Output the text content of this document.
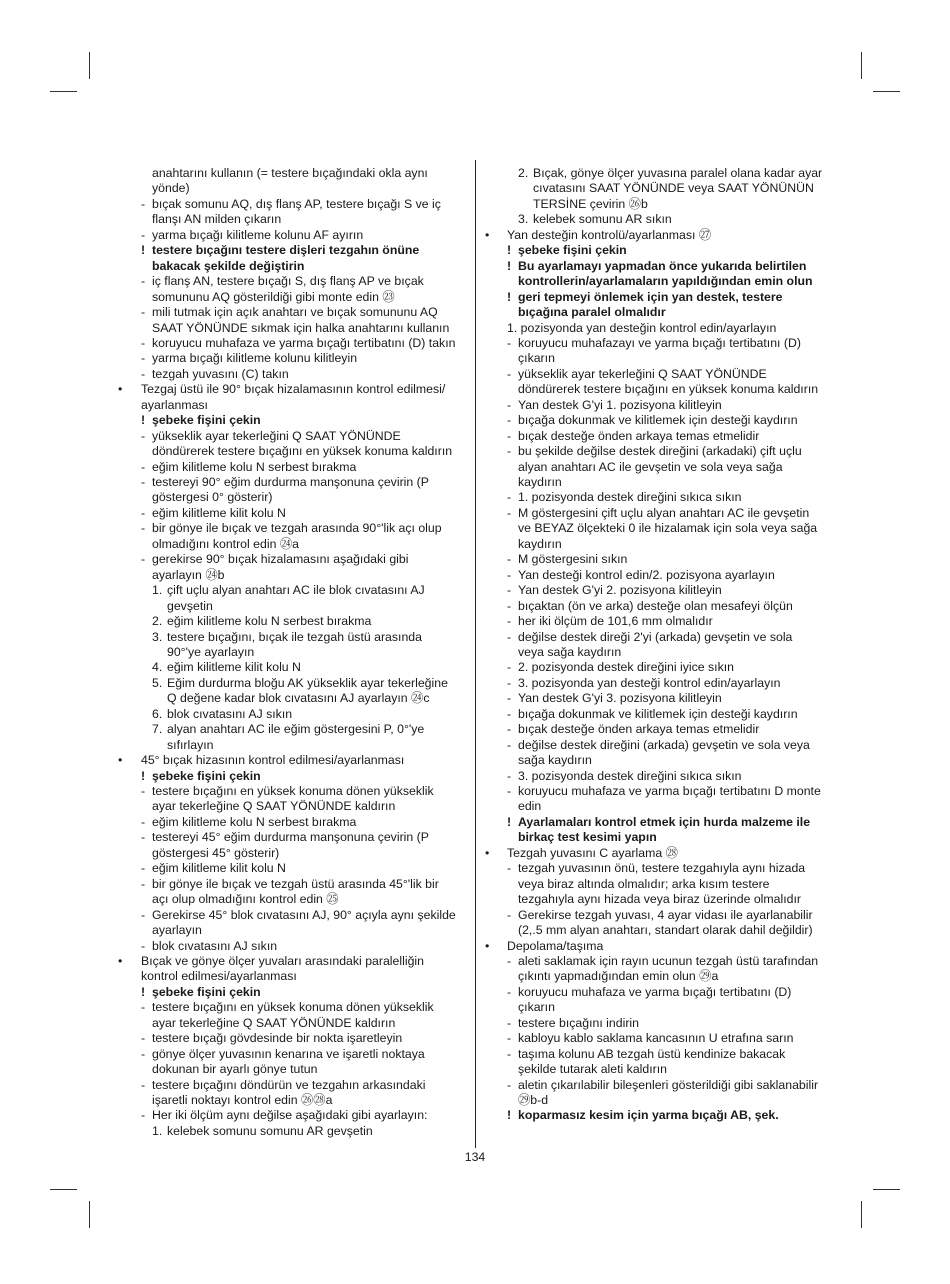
anahtarını kullanın (= testere bıçağındaki okla aynı
yönde)
- bıçak somunu AQ, dış flanş AP, testere bıçağı S ve iç
flanşı AN milden çıkarın
- yarma bıçağı kilitleme kolunu AF ayırın
! testere bıçağını testere dişleri tezgahın önüne
bakacak şekilde değiştirin
- iç flanş AN, testere bıçağı S, dış flanş AP ve bıçak
somununu AQ gösterildiği gibi monte edin ㉓
- mili tutmak için açık anahtarı ve bıçak somununu AQ
SAAT YÖNÜNDE sıkmak için halka anahtarını kullanın
- koruyucu muhafaza ve yarma bıçağı tertibatını (D) takın
- yarma bıçağı kilitleme kolunu kilitleyin
- tezgah yuvasını (C) takın
• Tezgaj üstü ile 90° bıçak hizalamasının kontrol edilmesi/
ayarlanması
! şebeke fişini çekin
- yükseklik ayar tekerleğini Q SAAT YÖNÜNDE
döndürerek testere bıçağını en yüksek konuma kaldırın
- eğim kilitleme kolu N serbest bırakma
- testereyi 90° eğim durdurma manşonuna çevirin (P
göstergesi 0° gösterir)
- eğim kilitleme kilit kolu N
- bir gönye ile bıçak ve tezgah arasında 90°'lik açı olup
olmadığını kontrol edin ㉔a
- gerekirse 90° bıçak hizalamasını aşağıdaki gibi
ayarlayın ㉔b
1. çift uçlu alyan anahtarı AC ile blok cıvatasını AJ
gevşetin
2. eğim kilitleme kolu N serbest bırakma
3. testere bıçağını, bıçak ile tezgah üstü arasında
90°'ye ayarlayın
4. eğim kilitleme kilit kolu N
5. Eğim durdurma bloğu AK yükseklik ayar tekerleğine
Q değene kadar blok cıvatasını AJ ayarlayın ㉔c
6. blok cıvatasını AJ sıkın
7. alyan anahtarı AC ile eğim göstergesini P, 0°'ye
sıfırlayın
• 45° bıçak hizasının kontrol edilmesi/ayarlanması
! şebeke fişini çekin
- testere bıçağını en yüksek konuma dönen yükseklik
ayar tekerleğine Q SAAT YÖNÜNDE kaldırın
- eğim kilitleme kolu N serbest bırakma
- testereyi 45° eğim durdurma manşonuna çevirin (P
göstergesi 45° gösterir)
- eğim kilitleme kilit kolu N
- bir gönye ile bıçak ve tezgah üstü arasında 45°'lik bir
açı olup olmadığını kontrol edin ㉕
- Gerekirse 45° blok cıvatasını AJ, 90° açıyla aynı şekilde
ayarlayın
- blok cıvatasını AJ sıkın
• Bıçak ve gönye ölçer yuvaları arasındaki paralelliğin
kontrol edilmesi/ayarlanması
! şebeke fişini çekin
- testere bıçağını en yüksek konuma dönen yükseklik
ayar tekerleğine Q SAAT YÖNÜNDE kaldırın
- testere bıçağı gövdesinde bir nokta işaretleyin
- gönye ölçer yuvasının kenarına ve işaretli noktaya
dokunan bir ayarlı gönye tutun
- testere bıçağını döndürün ve tezgahın arkasındaki
işaretli noktayı kontrol edin ㉖㉘a
- Her iki ölçüm aynı değilse aşağıdaki gibi ayarlayın:
1. kelebek somunu somunu AR gevşetin
2. Bıçak, gönye ölçer yuvasına paralel olana kadar ayar
cıvatasını SAAT YÖNÜNDE veya SAAT YÖNÜNÜN
TERSİNE çevirin ㉖b
3. kelebek somunu AR sıkın
• Yan desteğin kontrolü/ayarlanması ㉗
! şebeke fişini çekin
! Bu ayarlamayı yapmadan önce yukarıda belirtilen
kontrollerin/ayarlamaların yapıldığından emin olun
! geri tepmeyi önlemek için yan destek, testere
bıçağına paralel olmalıdır
1. pozisyonda yan desteğin kontrol edin/ayarlayın
- koruyucu muhafazayı ve yarma bıçağı tertibatını (D)
çıkarın
- yükseklik ayar tekerleğini Q SAAT YÖNÜNDE
döndürerek testere bıçağını en yüksek konuma kaldırın
- Yan destek G'yi 1. pozisyona kilitleyin
- bıçağa dokunmak ve kilitlemek için desteği kaydırın
- bıçak desteğe önden arkaya temas etmelidir
- bu şekilde değilse destek direğini (arkadaki) çift uçlu
alyan anahtarı AC ile gevşetin ve sola veya sağa
kaydırın
- 1. pozisyonda destek direğini sıkıca sıkın
- M göstergesini çift uçlu alyan anahtarı AC ile gevşetin
ve BEYAZ ölçekteki 0 ile hizalamak için sola veya sağa
kaydırın
- M göstergesini sıkın
- Yan desteği kontrol edin/2. pozisyona ayarlayın
- Yan destek G'yi 2. pozisyona kilitleyin
- bıçaktan (ön ve arka) desteğe olan mesafeyi ölçün
- her iki ölçüm de 101,6 mm olmalıdır
- değilse destek direği 2'yi (arkada) gevşetin ve sola
veya sağa kaydırın
- 2. pozisyonda destek direğini iyice sıkın
- 3. pozisyonda yan desteği kontrol edin/ayarlayın
- Yan destek G'yi 3. pozisyona kilitleyin
- bıçağa dokunmak ve kilitlemek için desteği kaydırın
- bıçak desteğe önden arkaya temas etmelidir
- değilse destek direğini (arkada) gevşetin ve sola veya
sağa kaydırın
- 3. pozisyonda destek direğini sıkıca sıkın
- koruyucu muhafaza ve yarma bıçağı tertibatını D monte
edin
! Ayarlamaları kontrol etmek için hurda malzeme ile
birkaç test kesimi yapın
• Tezgah yuvasını C ayarlama ㉘
- tezgah yuvasının önü, testere tezgahıyla aynı hizada
veya biraz altında olmalıdır; arka kısım testere
tezgahıyla aynı hizada veya biraz üzerinde olmalıdır
- Gerekirse tezgah yuvası, 4 ayar vidası ile ayarlanabilir
(2,.5 mm alyan anahtarı, standart olarak dahil değildir)
• Depolama/taşıma
- aleti saklamak için rayın ucunun tezgah üstü tarafından
çıkıntı yapmadığından emin olun ㉙a
- koruyucu muhafaza ve yarma bıçağı tertibatını (D)
çıkarın
- testere bıçağını indirin
- kabloyu kablo saklama kancasının U etrafına sarın
- taşıma kolunu AB tezgah üstü kendinize bakacak
şekilde tutarak aleti kaldırın
- aletin çıkarılabilir bileşenleri gösterildiği gibi saklanabilir
㉙b-d
! koparmasız kesim için yarma bıçağı AB, şek.
134
